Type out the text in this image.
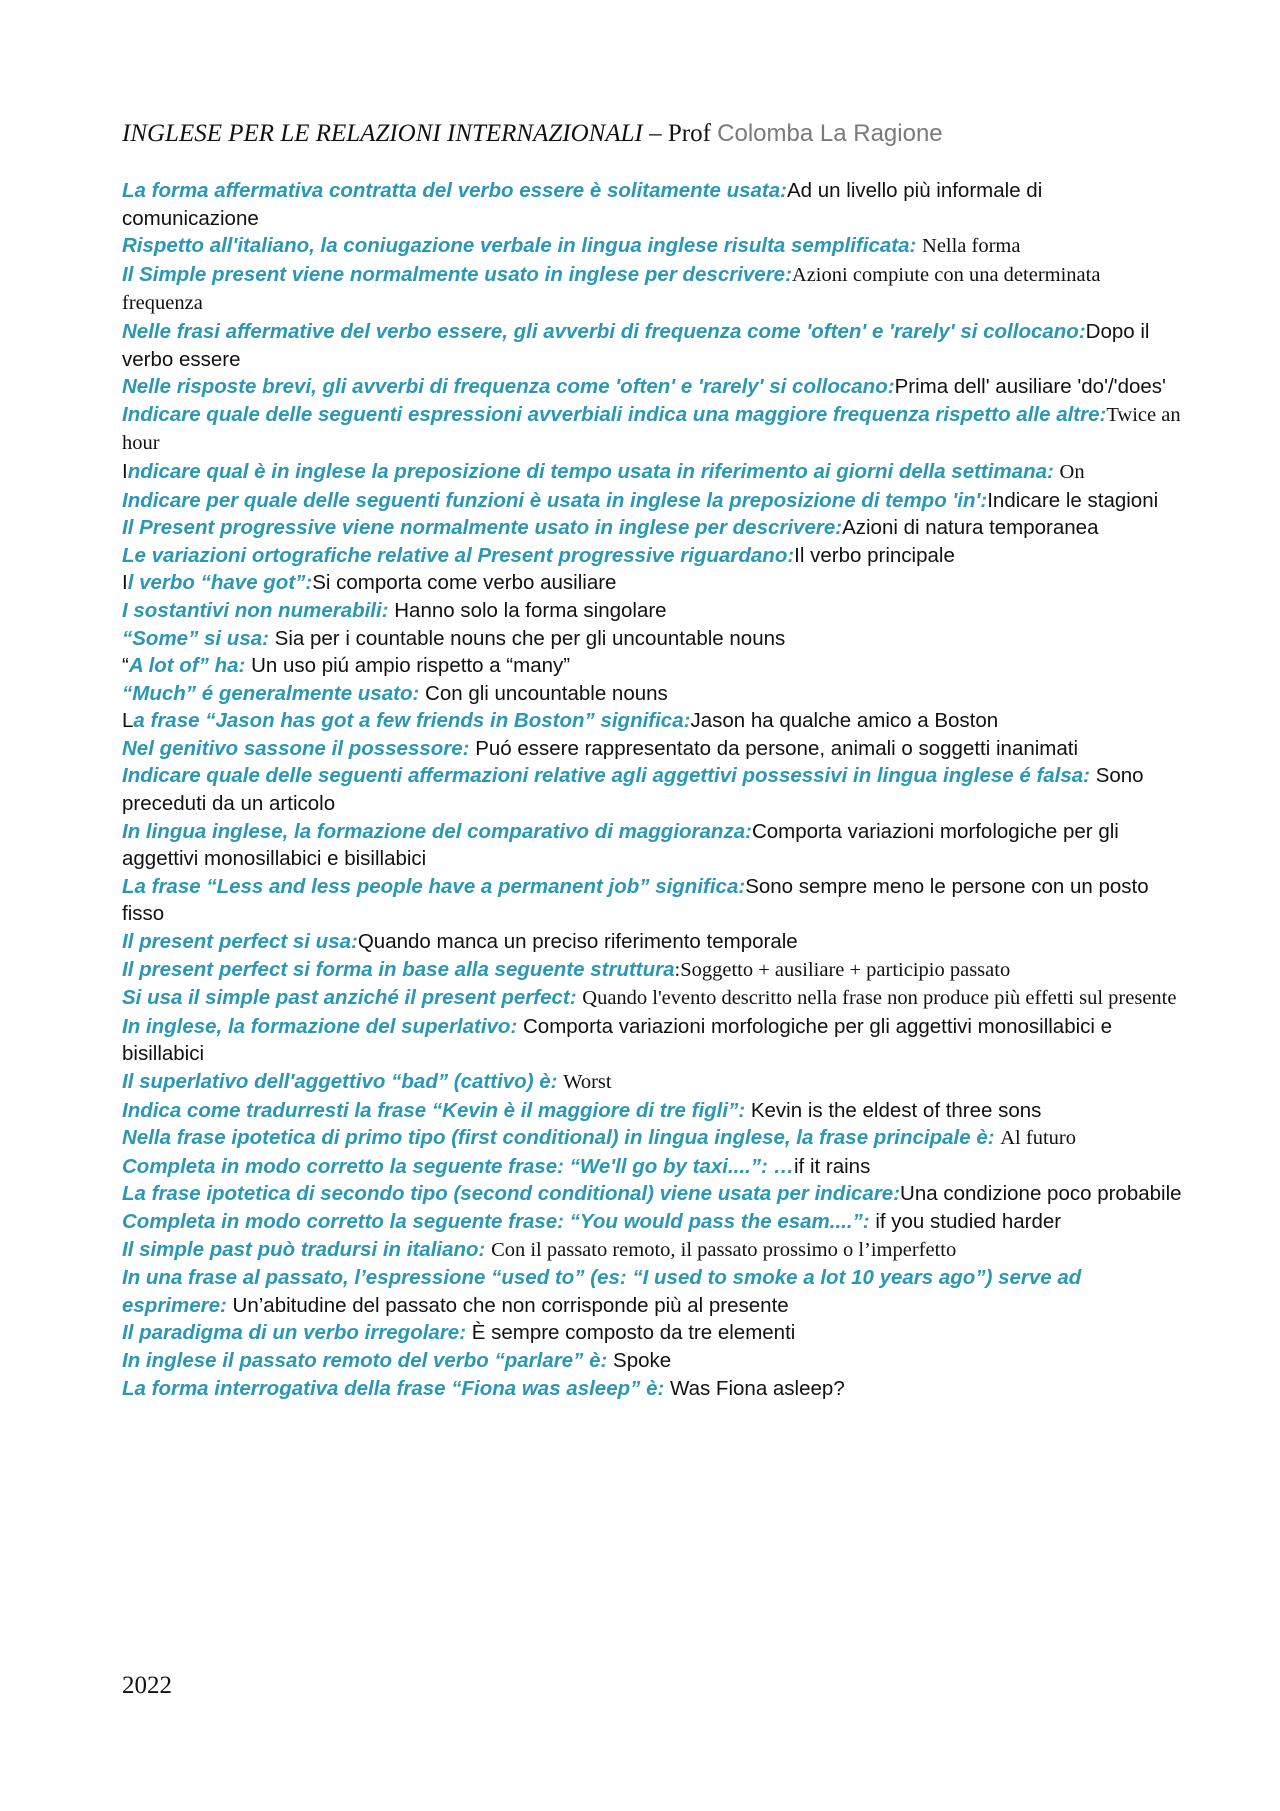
INGLESE PER LE RELAZIONI INTERNAZIONALI – Prof Colomba La Ragione

La forma affermativa contratta del verbo essere è solitamente usata:Ad un livello più informale di comunicazione

Rispetto all'italiano, la coniugazione verbale in lingua inglese risulta semplificata: Nella forma

Il Simple present viene normalmente usato in inglese per descrivere:Azioni compiute con una determinata frequenza

Nelle frasi affermative del verbo essere, gli avverbi di frequenza come 'often' e 'rarely' si collocano:Dopo il verbo essere

Nelle risposte brevi, gli avverbi di frequenza come 'often' e 'rarely' si collocano:Prima dell' ausiliare 'do'/'does'

Indicare quale delle seguenti espressioni avverbiali indica una maggiore frequenza rispetto alle altre:Twice an hour

Indicare qual è in inglese la preposizione di tempo usata in riferimento ai giorni della settimana: On

Indicare per quale delle seguenti funzioni è usata in inglese la preposizione di tempo 'in':Indicare le stagioni

Il Present progressive viene normalmente usato in inglese per descrivere:Azioni di natura temporanea

Le variazioni ortografiche relative al Present progressive riguardano:Il verbo principale

Il verbo “have got”:Si comporta come verbo ausiliare

I sostantivi non numerabili: Hanno solo la forma singolare

“Some” si usa: Sia per i countable nouns che per gli uncountable nouns

“A lot of” ha: Un uso piú ampio rispetto a “many”

“Much” é generalmente usato: Con gli uncountable nouns

La frase “Jason has got a few friends in Boston” significa:Jason ha qualche amico a Boston

Nel genitivo sassone il possessore: Puó essere rappresentato da persone, animali o soggetti inanimati

Indicare quale delle seguenti affermazioni relative agli aggettivi possessivi in lingua inglese é falsa: Sono preceduti da un articolo

In lingua inglese, la formazione del comparativo di maggioranza:Comporta variazioni morfologiche per gli aggettivi monosillabici e bisillabici

La frase “Less and less people have a permanent job” significa:Sono sempre meno le persone con un posto fisso

Il present perfect si usa:Quando manca un preciso riferimento temporale

Il present perfect si forma in base alla seguente struttura:Soggetto + ausiliare + participio passato

Si usa il simple past anziché il present perfect: Quando l'evento descritto nella frase non produce più effetti sul presente

In inglese, la formazione del superlativo: Comporta variazioni morfologiche per gli aggettivi monosillabici e bisillabici

Il superlativo dell'aggettivo “bad” (cattivo) è: Worst

Indica come tradurresti la frase “Kevin è il maggiore di tre figli”: Kevin is the eldest of three sons

Nella frase ipotetica di primo tipo (first conditional) in lingua inglese, la frase principale è: Al futuro

Completa in modo corretto la seguente frase: “We'll go by taxi....”: …if it rains

La frase ipotetica di secondo tipo (second conditional) viene usata per indicare:Una condizione poco probabile

Completa in modo corretto la seguente frase: “You would pass the esam....”: if you studied harder

Il simple past può tradursi in italiano: Con il passato remoto, il passato prossimo o l’imperfetto

In una frase al passato, l’espressione “used to” (es: “I used to smoke a lot 10 years ago”) serve ad esprimere: Un’abitudine del passato che non corrisponde più al presente

Il paradigma di un verbo irregolare: È sempre composto da tre elementi

In inglese il passato remoto del verbo “parlare” è: Spoke

La forma interrogativa della frase “Fiona was asleep” è: Was Fiona asleep?

2022
